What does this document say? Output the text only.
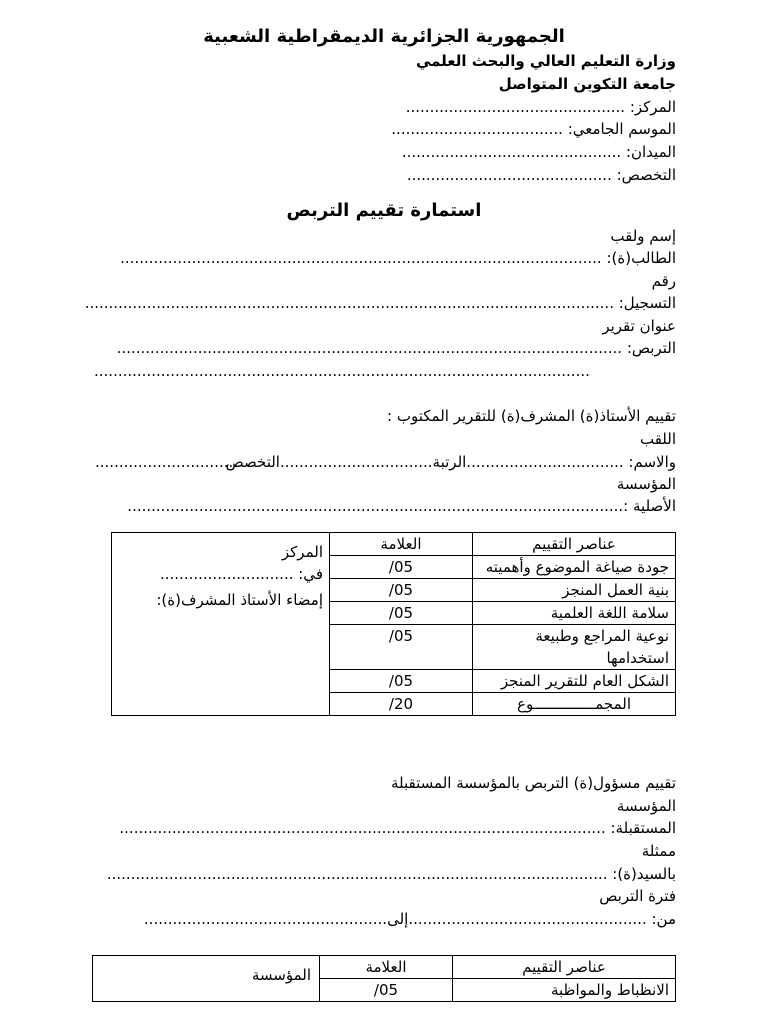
الجمهورية الجزائرية الديمقراطية الشعبية
وزارة التعليم العالي والبحث العلمي
جامعة التكوين المتواصل
المركز: ..............................................
الموسم الجامعي: ....................................
الميدان: ..............................................
التخصص: ...........................................
استمارة تقييم التربص
إسم ولقب
الطالب(ة): .....................................................................................................
رقم
التسجيل: ...............................................................................................................
عنوان تقرير
التربص: ..........................................................................................................
........................................................................................................
تقييم الأستاذ(ة) المشرف(ة) للتقرير المكتوب :
اللقب
والاسم: .................................الرتبة................................التخصص
..............................
المؤسسة
الأصلية :........................................................................................................
عناصر التقييم	العلامة	المركز
في: ............................
إمضاء الأستاذ المشرف(ة):

جودة صياغة الموضوع وأهميته	05/	
بنية العمل المنجز	05/	
سلامة اللغة العلمية	05/	
نوعية المراجع وطبيعة استخدامها	05/	
الشكل العام للتقرير المنجز	05/	
المجمــــــــــــــوع	20/	
تقييم مسؤول(ة) التربص بالمؤسسة المستقبلة
المؤسسة
المستقبلة: ......................................................................................................
ممثلة
بالسيد(ة): .........................................................................................................
فترة التربص
من: ..................................................إلى...................................................
عناصر التقييم	العلامة	المؤسسة
الانظباط والمواظبة	05/	
